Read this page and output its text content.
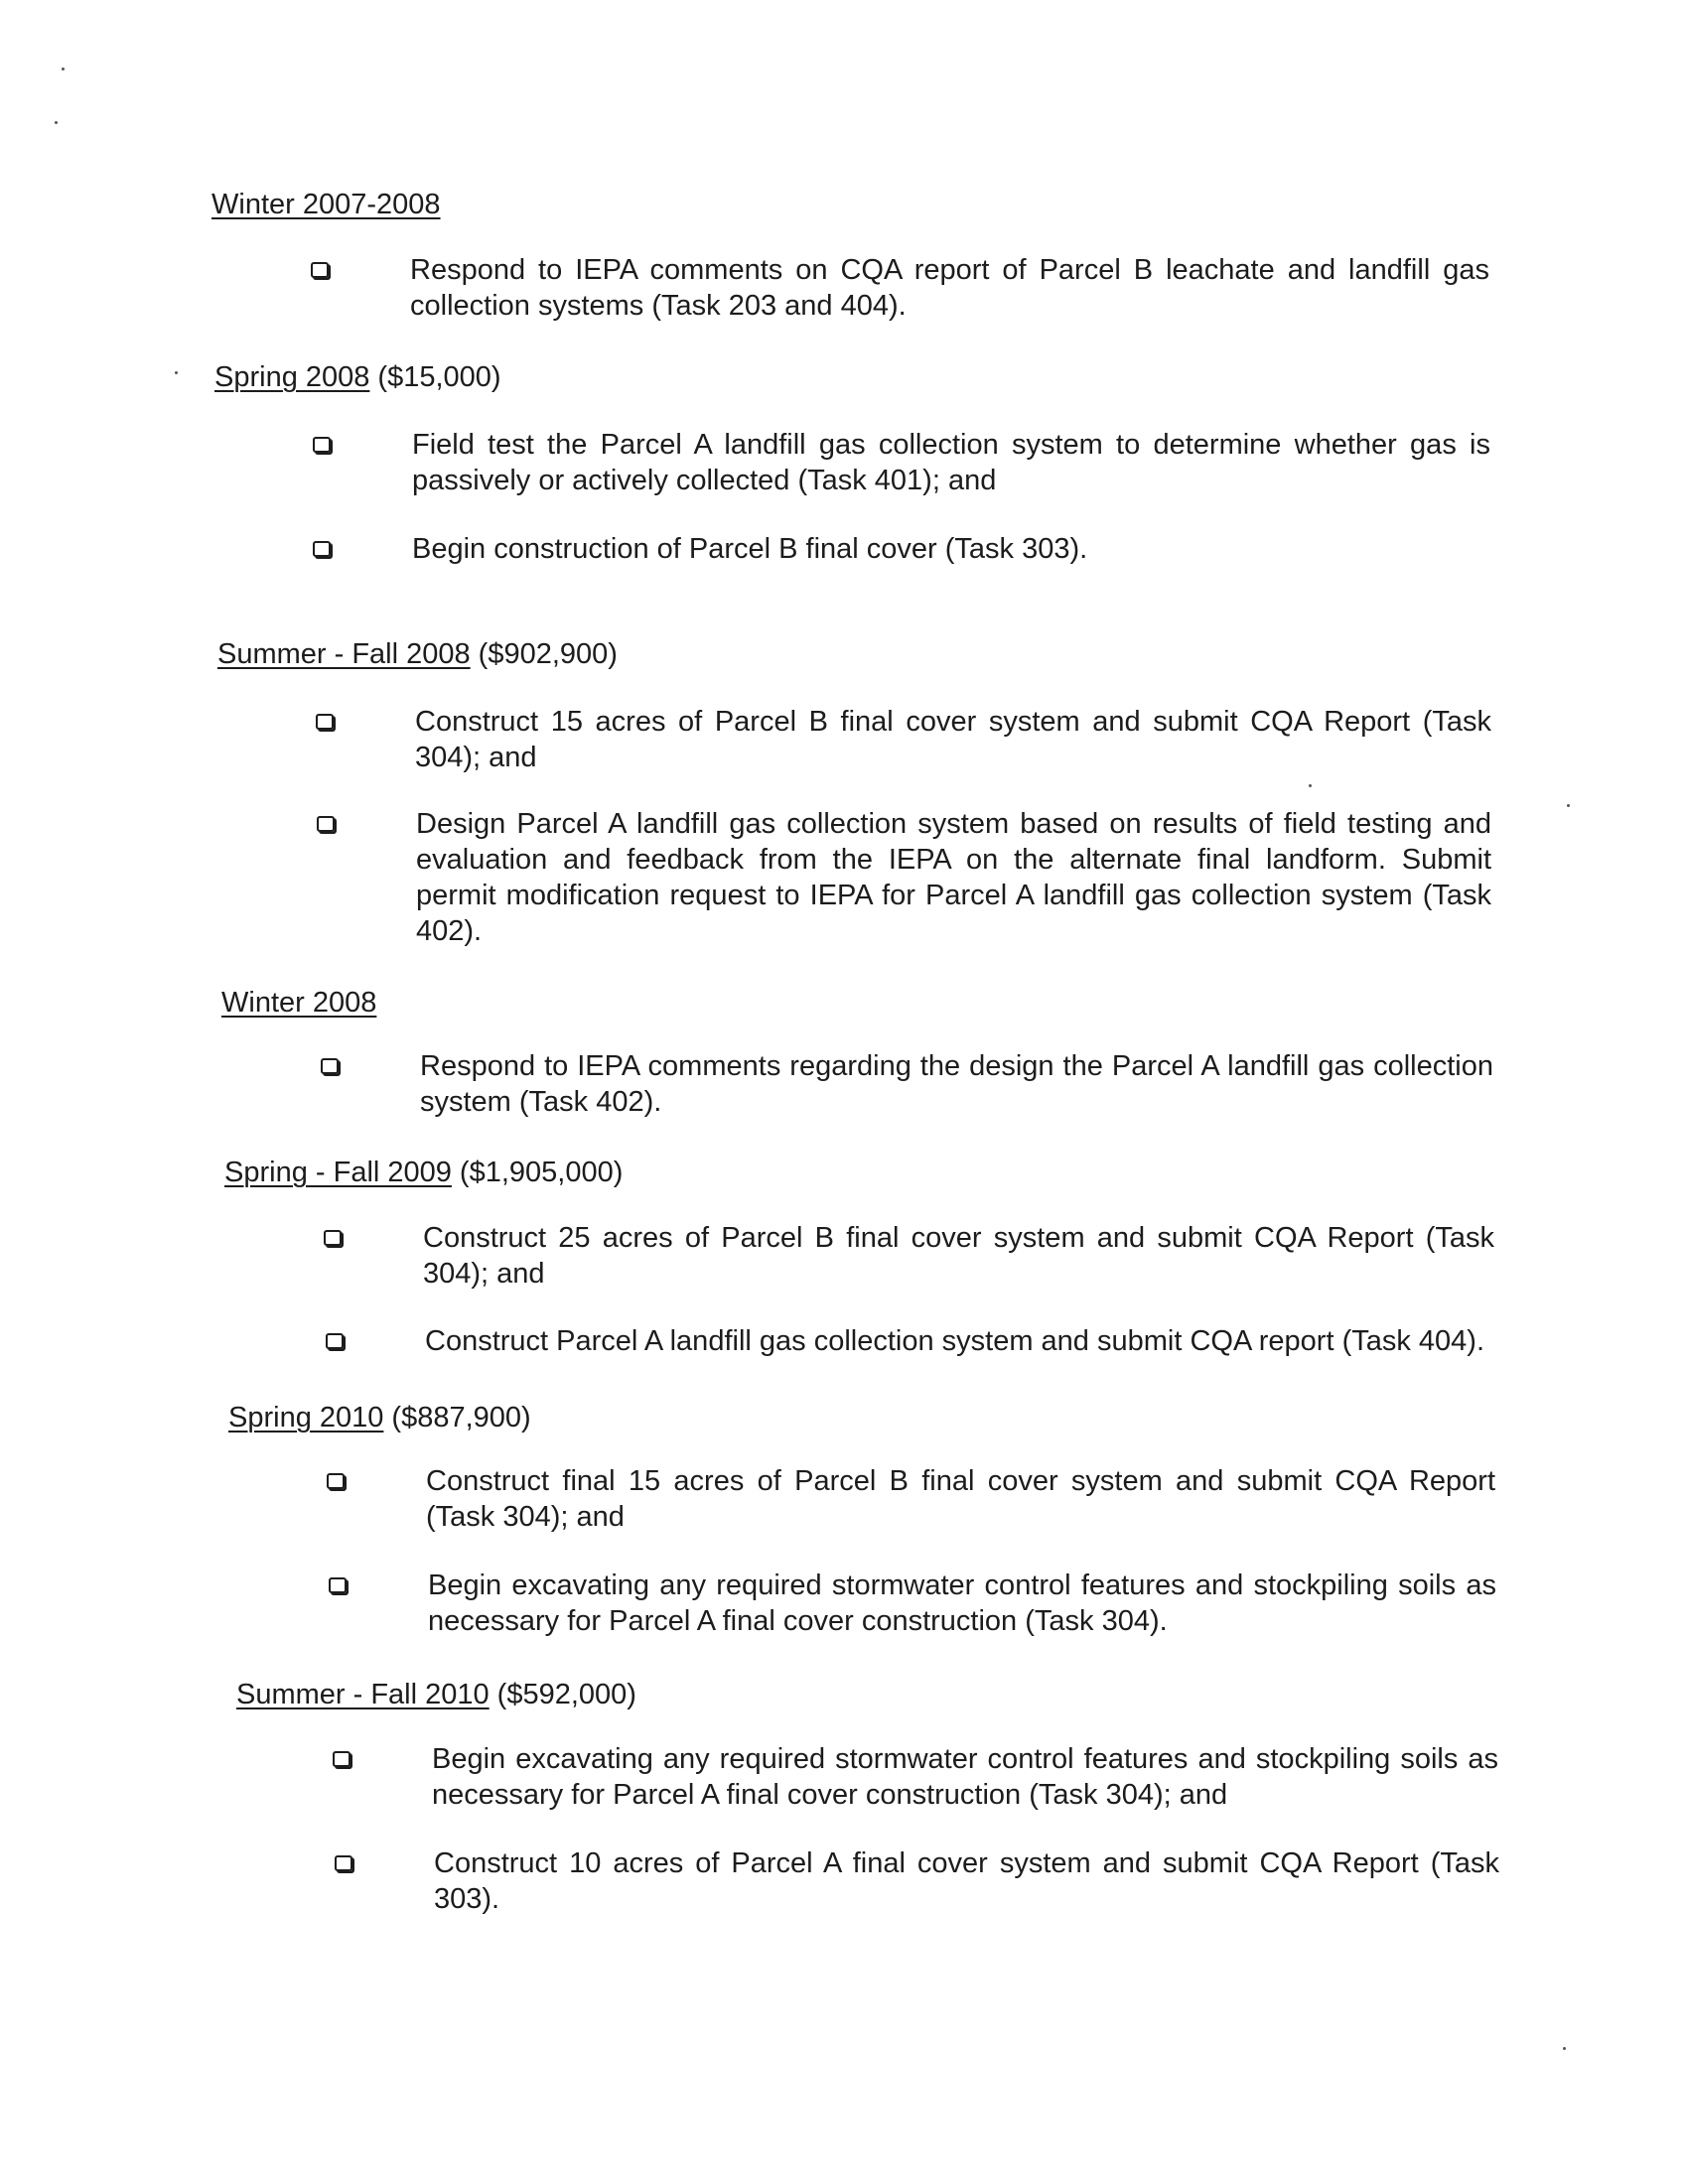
Winter 2007-2008
Respond to IEPA comments on CQA report of Parcel B leachate and landfill gas collection systems (Task 203 and 404).
Spring 2008 ($15,000)
Field test the Parcel A landfill gas collection system to determine whether gas is passively or actively collected (Task 401); and
Begin construction of Parcel B final cover (Task 303).
Summer - Fall 2008 ($902,900)
Construct 15 acres of Parcel B final cover system and submit CQA Report (Task 304); and
Design Parcel A landfill gas collection system based on results of field testing and evaluation and feedback from the IEPA on the alternate final landform. Submit permit modification request to IEPA for Parcel A landfill gas collection system (Task 402).
Winter 2008
Respond to IEPA comments regarding the design the Parcel A landfill gas collection system (Task 402).
Spring - Fall 2009 ($1,905,000)
Construct 25 acres of Parcel B final cover system and submit CQA Report (Task 304); and
Construct Parcel A landfill gas collection system and submit CQA report (Task 404).
Spring 2010 ($887,900)
Construct final 15 acres of Parcel B final cover system and submit CQA Report (Task 304); and
Begin excavating any required stormwater control features and stockpiling soils as necessary for Parcel A final cover construction (Task 304).
Summer - Fall 2010 ($592,000)
Begin excavating any required stormwater control features and stockpiling soils as necessary for Parcel A final cover construction (Task 304); and
Construct 10 acres of Parcel A final cover system and submit CQA Report (Task 303).
